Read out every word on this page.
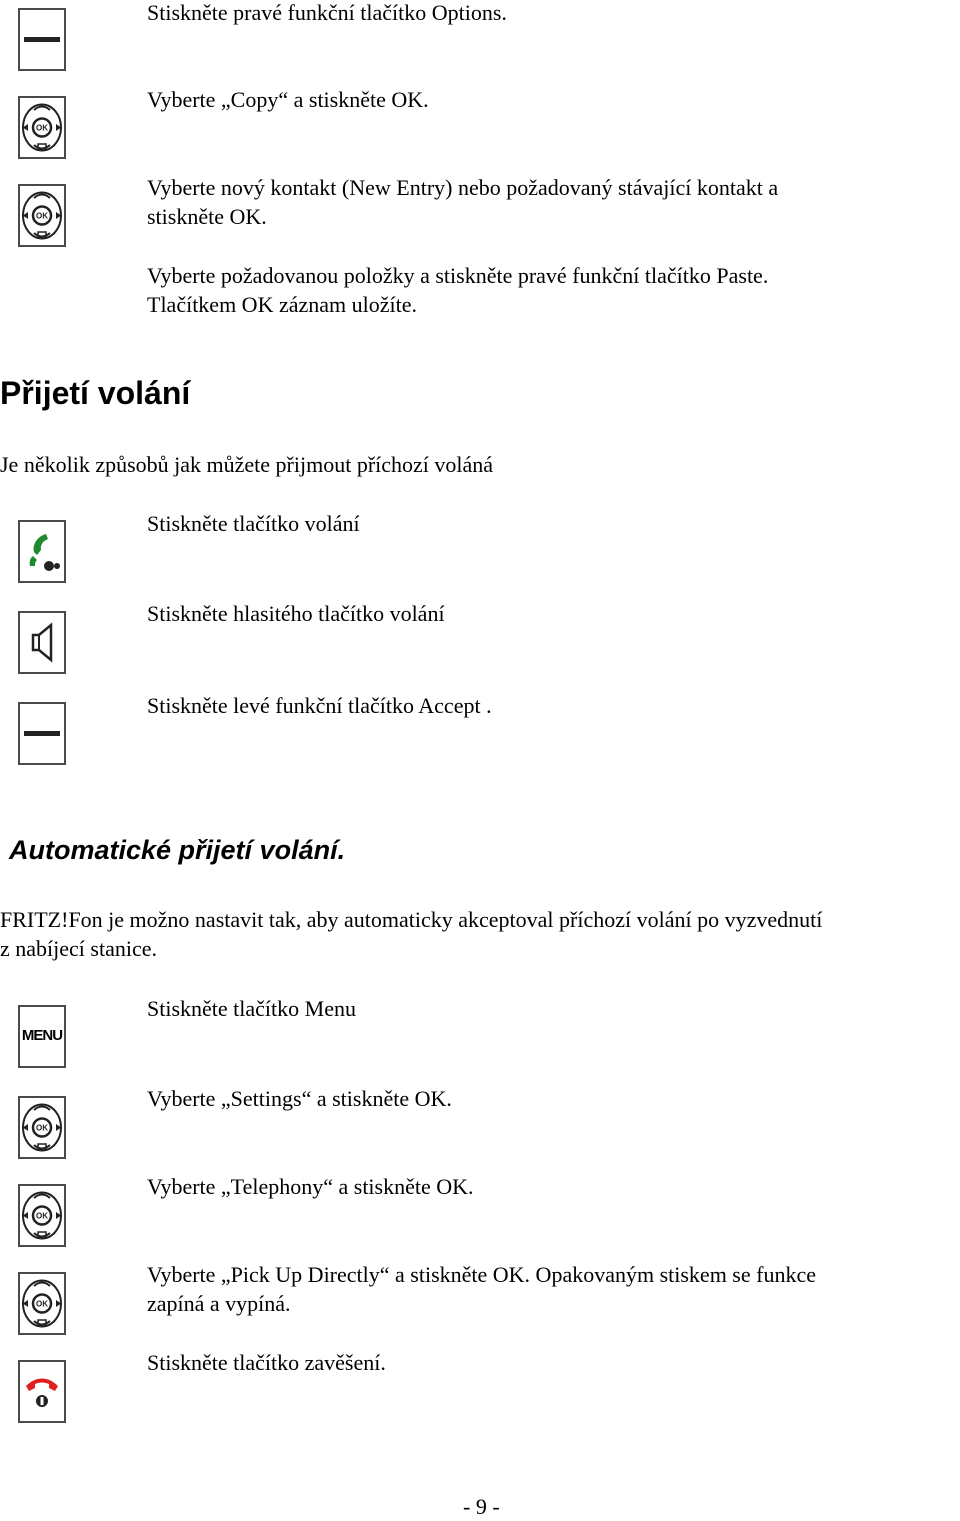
Stiskněte pravé funkční tlačítko Options.
OK
Vyberte „Copy“ a stiskněte OK.
OK
Vyberte nový kontakt (New Entry) nebo požadovaný stávající kontakt a
stiskněte OK.
Vyberte požadovanou položky a stiskněte pravé funkční tlačítko Paste.
Tlačítkem OK záznam uložíte.
Přijetí volání
Je několik způsobů jak můžete přijmout příchozí voláná
Stiskněte tlačítko volání
Stiskněte hlasitého tlačítko volání
Stiskněte levé funkční tlačítko Accept .
Automatické přijetí volání.
FRITZ!Fon je možno nastavit tak, aby automaticky akceptoval příchozí volání po vyzvednutí
z nabíjecí stanice.
MENU
Stiskněte tlačítko Menu
OK
Vyberte „Settings“ a stiskněte OK.
OK
Vyberte „Telephony“ a stiskněte OK.
OK
Vyberte „Pick Up Directly“ a stiskněte OK. Opakovaným stiskem se funkce
zapíná a vypíná.
Stiskněte tlačítko zavěšení.
- 9 -
